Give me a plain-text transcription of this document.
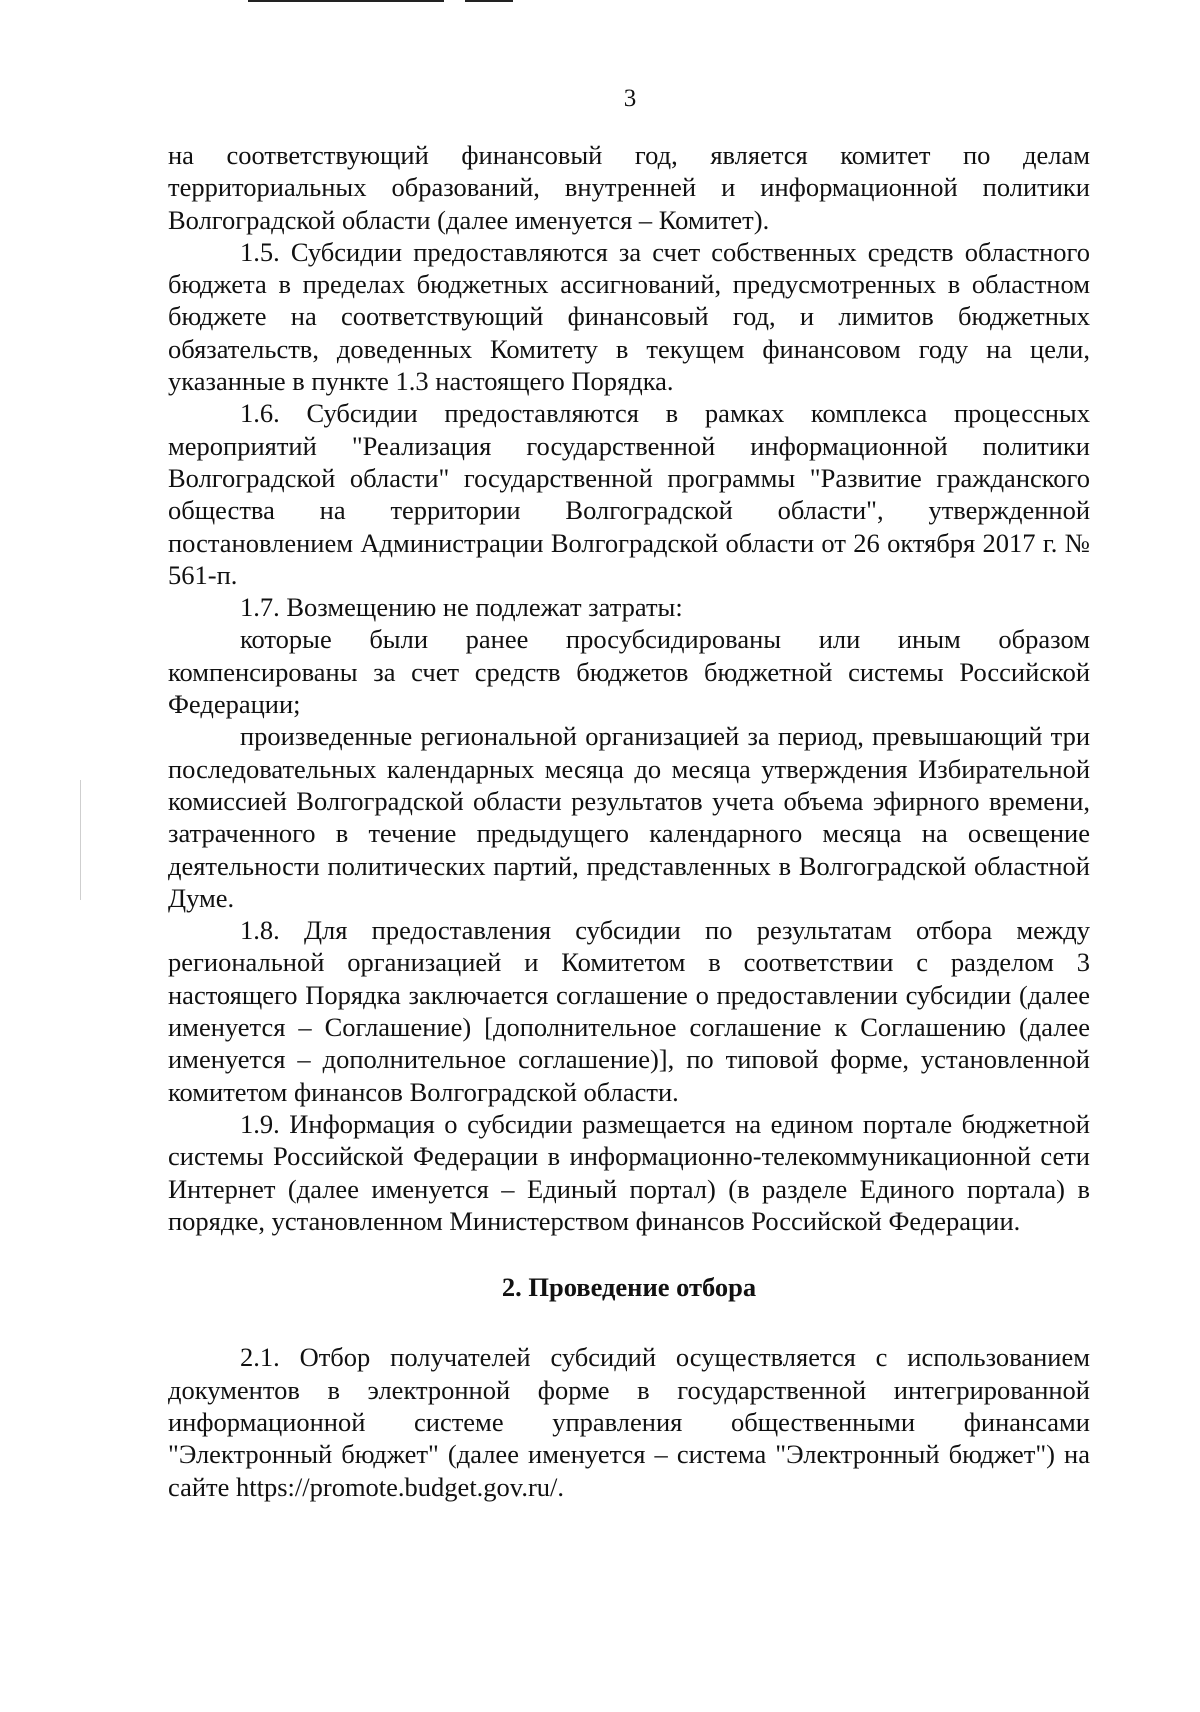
3

на соответствующий финансовый год, является комитет по делам территориальных образований, внутренней и информационной политики Волгоградской области (далее именуется – Комитет).

1.5. Субсидии предоставляются за счет собственных средств областного бюджета в пределах бюджетных ассигнований, предусмотренных в областном бюджете на соответствующий финансовый год, и лимитов бюджетных обязательств, доведенных Комитету в текущем финансовом году на цели, указанные в пункте 1.3 настоящего Порядка.

1.6. Субсидии предоставляются в рамках комплекса процессных мероприятий "Реализация государственной информационной политики Волгоградской области" государственной программы "Развитие гражданского общества на территории Волгоградской области", утвержденной постановлением Администрации Волгоградской области от 26 октября 2017 г. № 561-п.

1.7. Возмещению не подлежат затраты:

которые были ранее просубсидированы или иным образом компенсированы за счет средств бюджетов бюджетной системы Российской Федерации;

произведенные региональной организацией за период, превышающий три последовательных календарных месяца до месяца утверждения Избирательной комиссией Волгоградской области результатов учета объема эфирного времени, затраченного в течение предыдущего календарного месяца на освещение деятельности политических партий, представленных в Волгоградской областной Думе.

1.8. Для предоставления субсидии по результатам отбора между региональной организацией и Комитетом в соответствии с разделом 3 настоящего Порядка заключается соглашение о предоставлении субсидии (далее именуется – Соглашение) [дополнительное соглашение к Соглашению (далее именуется – дополнительное соглашение)], по типовой форме, установленной комитетом финансов Волгоградской области.

1.9. Информация о субсидии размещается на едином портале бюджетной системы Российской Федерации в информационно-телекоммуникационной сети Интернет (далее именуется – Единый портал) (в разделе Единого портала) в порядке, установленном Министерством финансов Российской Федерации.

2. Проведение отбора

2.1. Отбор получателей субсидий осуществляется с использованием документов в электронной форме в государственной интегрированной информационной системе управления общественными финансами "Электронный бюджет" (далее именуется – система "Электронный бюджет") на сайте https://promote.budget.gov.ru/.
